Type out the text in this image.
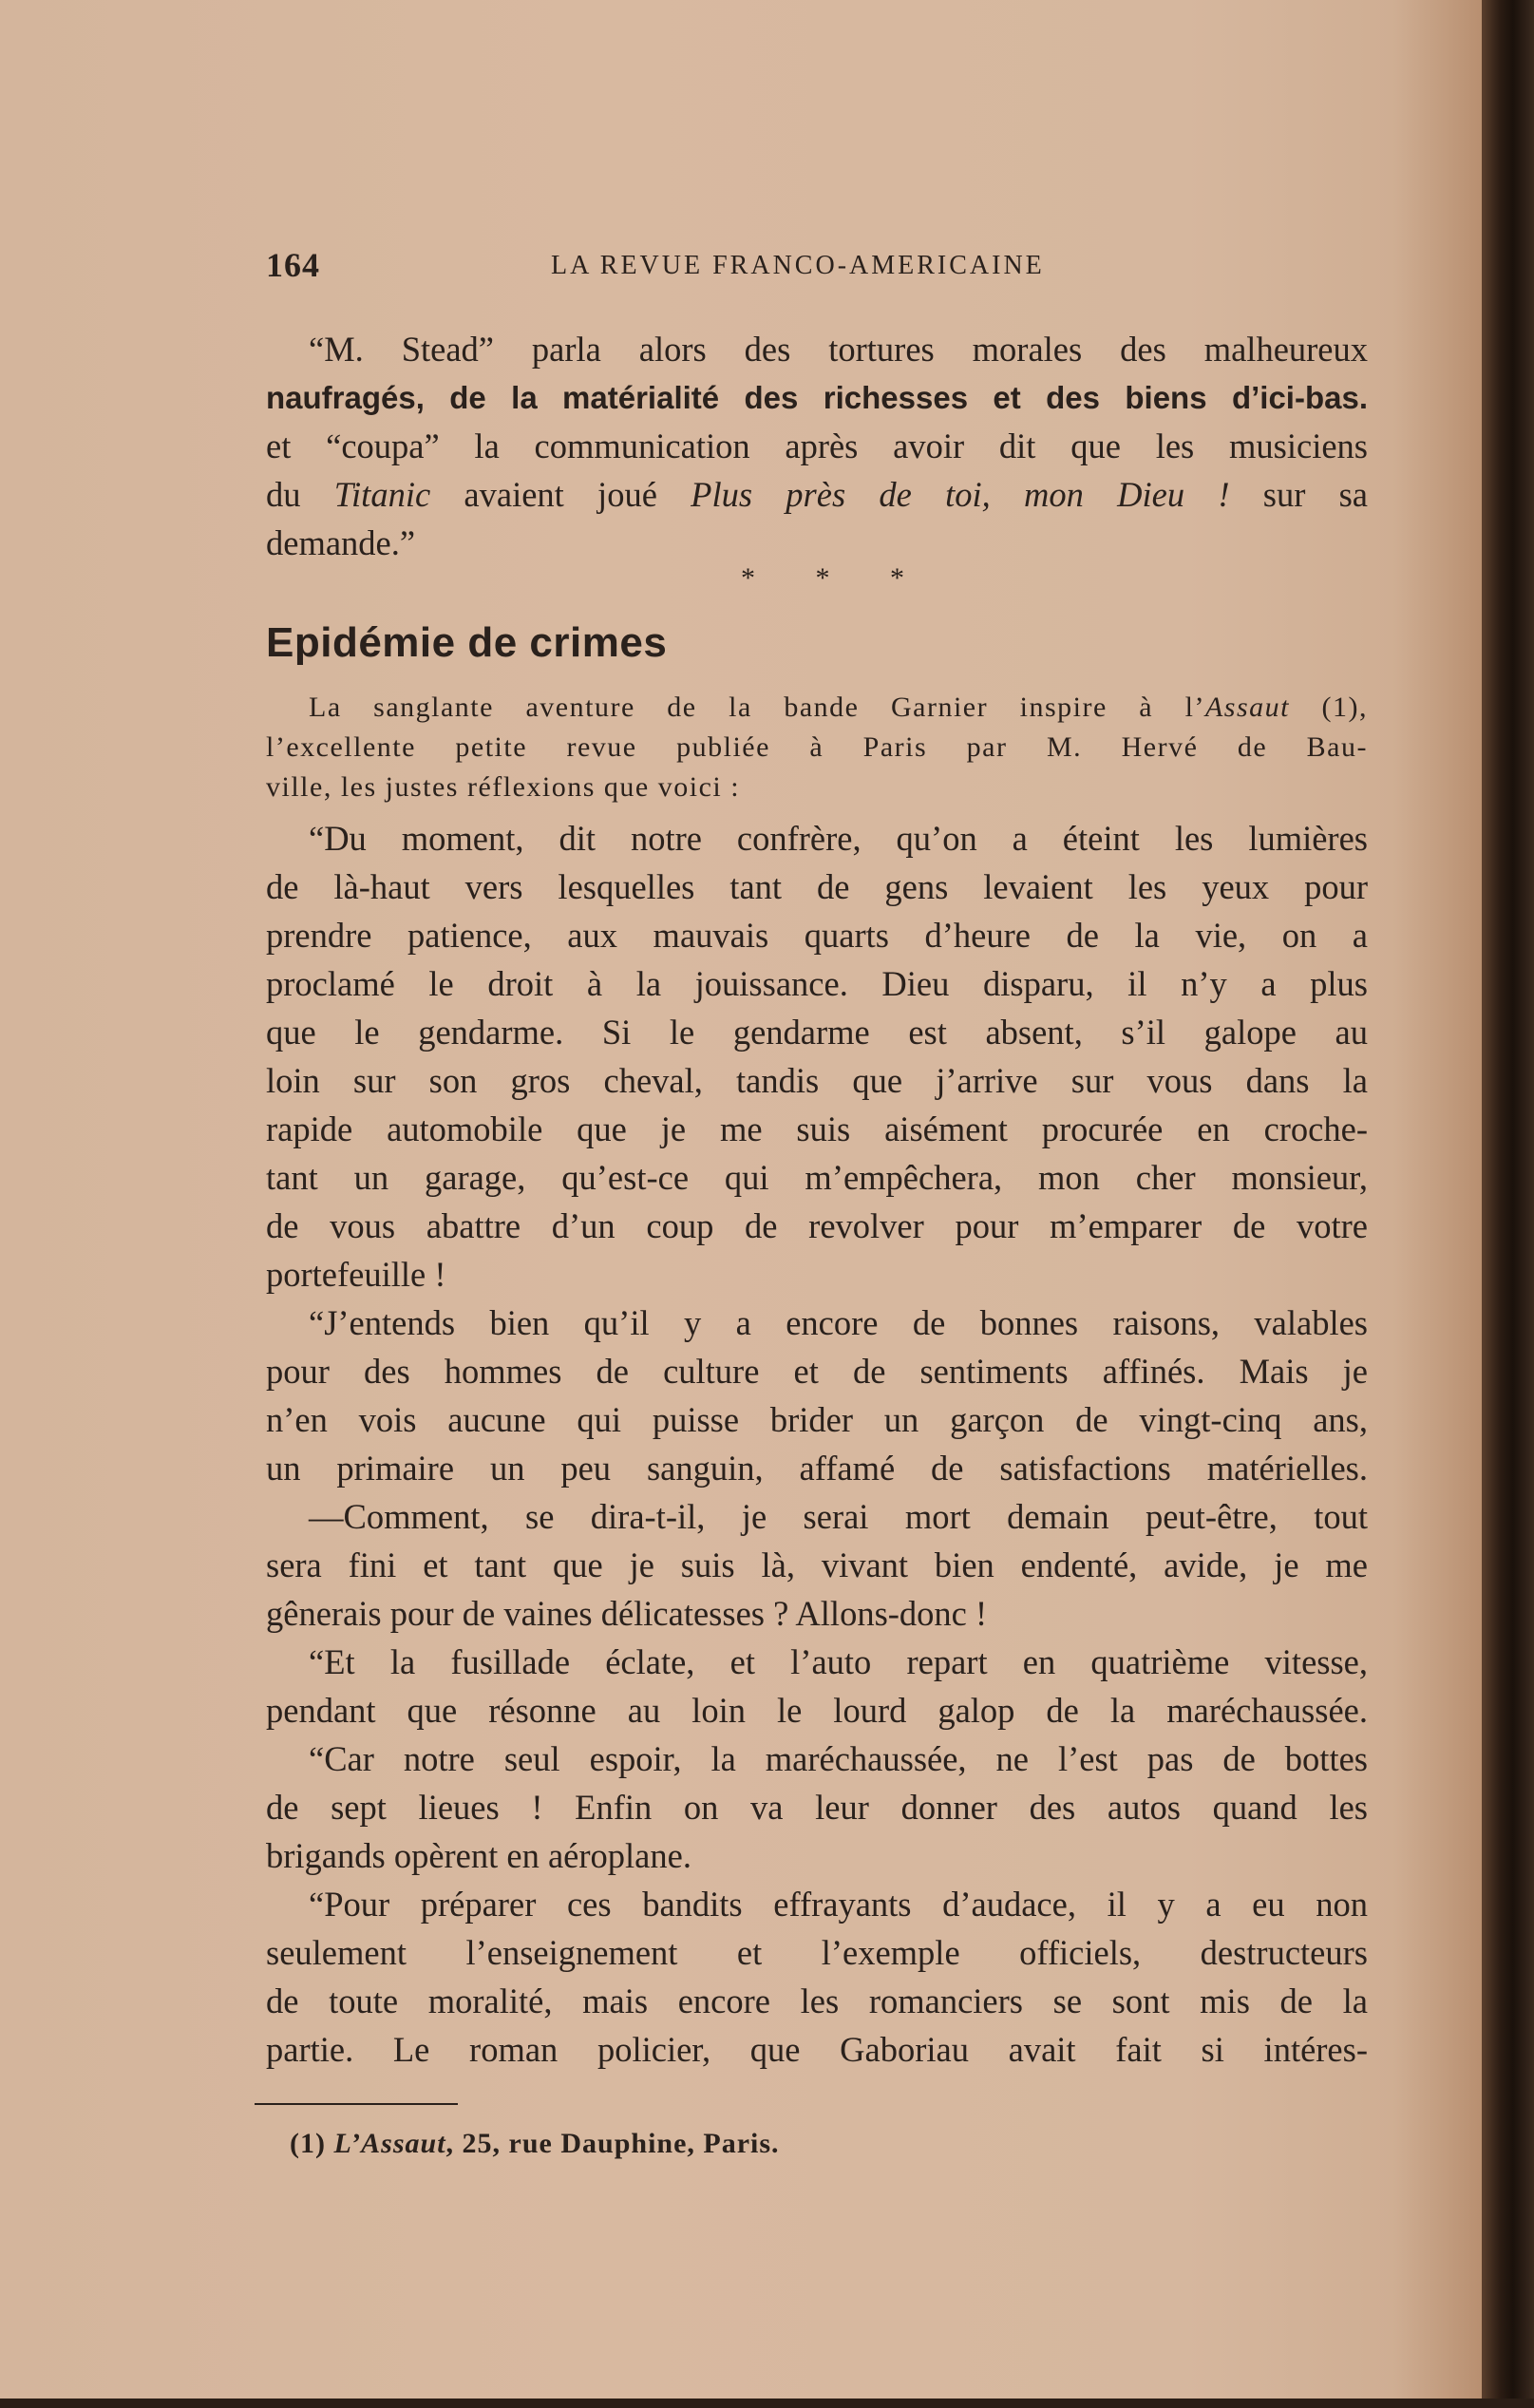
164	LA REVUE FRANCO-AMERICAINE
“M. Stead” parla alors des tortures morales des malheureux
naufragés, de la matérialité des richesses et des biens d’ici-bas.
et “coupa” la communication après avoir dit que les musiciens
du Titanic avaient joué Plus près de toi, mon Dieu ! sur sa
demande.”
* * *
Epidémie de crimes
La sanglante aventure de la bande Garnier inspire à l’Assaut (1),
l’excellente petite revue publiée à Paris par M. Hervé de Bau-
ville, les justes réflexions que voici :
“Du moment, dit notre confrère, qu’on a éteint les lumières
de là-haut vers lesquelles tant de gens levaient les yeux pour
prendre patience, aux mauvais quarts d’heure de la vie, on a
proclamé le droit à la jouissance. Dieu disparu, il n’y a plus
que le gendarme. Si le gendarme est absent, s’il galope au
loin sur son gros cheval, tandis que j’arrive sur vous dans la
rapide automobile que je me suis aisément procurée en croche-
tant un garage, qu’est-ce qui m’empêchera, mon cher monsieur,
de vous abattre d’un coup de revolver pour m’emparer de votre
portefeuille !
“J’entends bien qu’il y a encore de bonnes raisons, valables
pour des hommes de culture et de sentiments affinés. Mais je
n’en vois aucune qui puisse brider un garçon de vingt-cinq ans,
un primaire un peu sanguin, affamé de satisfactions matérielles.
—Comment, se dira-t-il, je serai mort demain peut-être, tout
sera fini et tant que je suis là, vivant bien endenté, avide, je me
gênerais pour de vaines délicatesses ? Allons-donc !
“Et la fusillade éclate, et l’auto repart en quatrième vitesse,
pendant que résonne au loin le lourd galop de la maréchaussée.
“Car notre seul espoir, la maréchaussée, ne l’est pas de bottes
de sept lieues ! Enfin on va leur donner des autos quand les
brigands opèrent en aéroplane.
“Pour préparer ces bandits effrayants d’audace, il y a eu non
seulement l’enseignement et l’exemple officiels, destructeurs
de toute moralité, mais encore les romanciers se sont mis de la
partie. Le roman policier, que Gaboriau avait fait si intéres-
(1) L’Assaut, 25, rue Dauphine, Paris.
